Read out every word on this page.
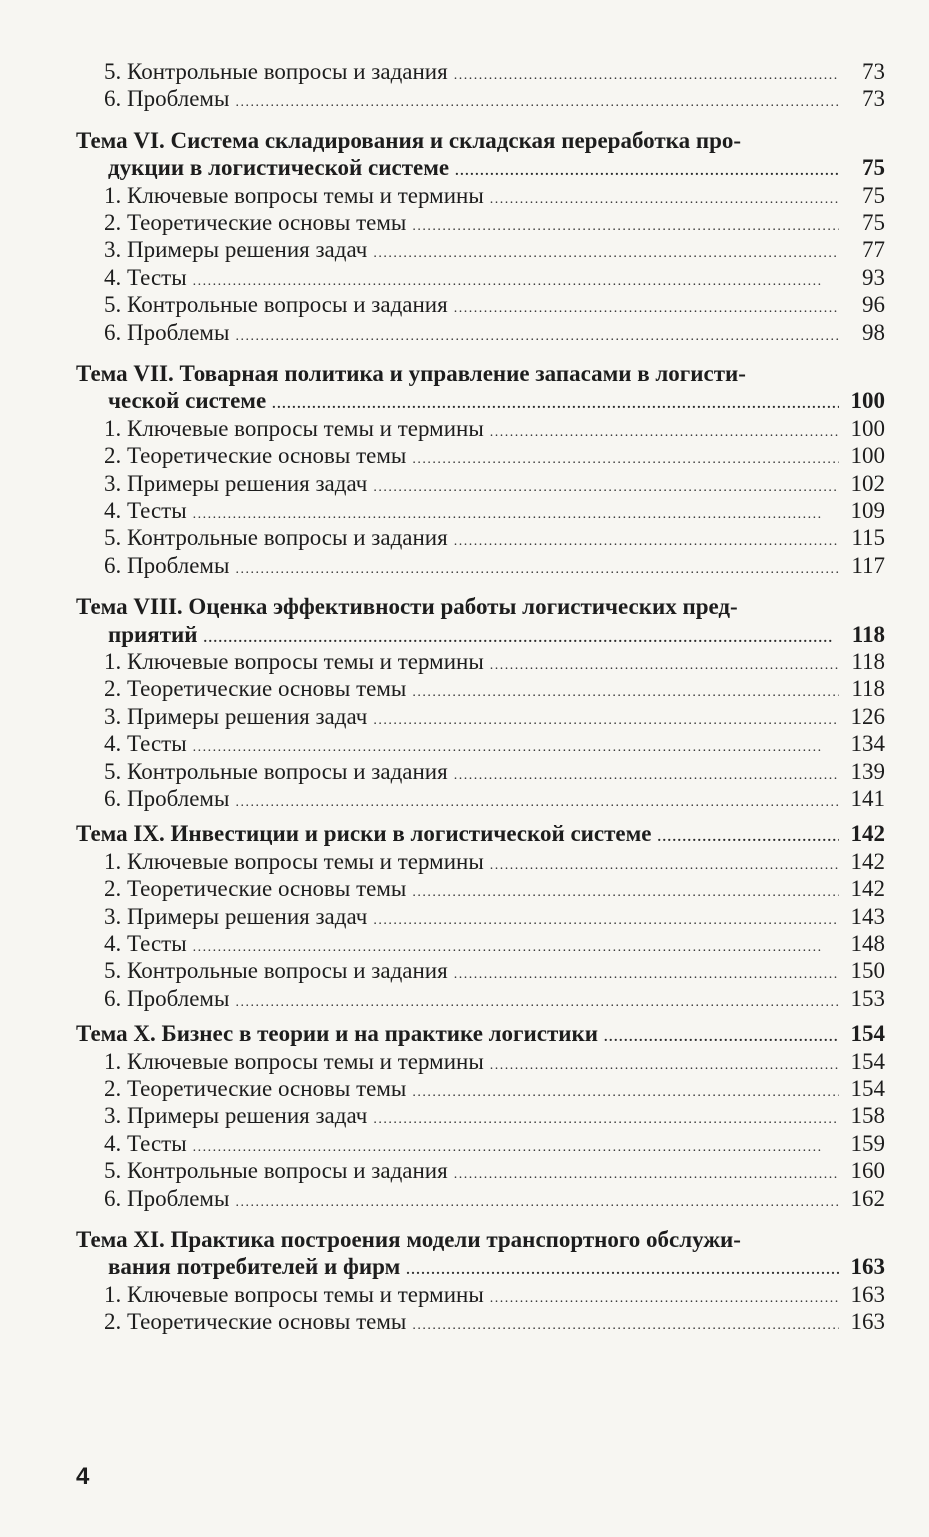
5. Контрольные вопросы и задания . . .	73
6. Проблемы . . .	73
Тема VI. Система складирования и складская переработка про-
дукции в логистической системе . . .	75
1. Ключевые вопросы темы и термины . . .	75
2. Теоретические основы темы . . .	75
3. Примеры решения задач . . .	77
4. Тесты . . .	93
5. Контрольные вопросы и задания . . .	96
6. Проблемы . . .	98
Тема VII. Товарная политика и управление запасами в логисти-
ческой системе . . .	100
1. Ключевые вопросы темы и термины . . .	100
2. Теоретические основы темы . . .	100
3. Примеры решения задач . . .	102
4. Тесты . . .	109
5. Контрольные вопросы и задания . . .	115
6. Проблемы . . .	117
Тема VIII. Оценка эффективности работы логистических пред-
приятий . . .	118
1. Ключевые вопросы темы и термины . . .	118
2. Теоретические основы темы . . .	118
3. Примеры решения задач . . .	126
4. Тесты . . .	134
5. Контрольные вопросы и задания . . .	139
6. Проблемы . . .	141
Тема IX. Инвестиции и риски в логистической системе . . .	142
1. Ключевые вопросы темы и термины . . .	142
2. Теоретические основы темы . . .	142
3. Примеры решения задач . . .	143
4. Тесты . . .	148
5. Контрольные вопросы и задания . . .	150
6. Проблемы . . .	153
Тема X. Бизнес в теории и на практике логистики . . .	154
1. Ключевые вопросы темы и термины . . .	154
2. Теоретические основы темы . . .	154
3. Примеры решения задач . . .	158
4. Тесты . . .	159
5. Контрольные вопросы и задания . . .	160
6. Проблемы . . .	162
Тема XI. Практика построения модели транспортного обслужи-
вания потребителей и фирм . . .	163
1. Ключевые вопросы темы и термины . . .	163
2. Теоретические основы темы . . .	163
4
